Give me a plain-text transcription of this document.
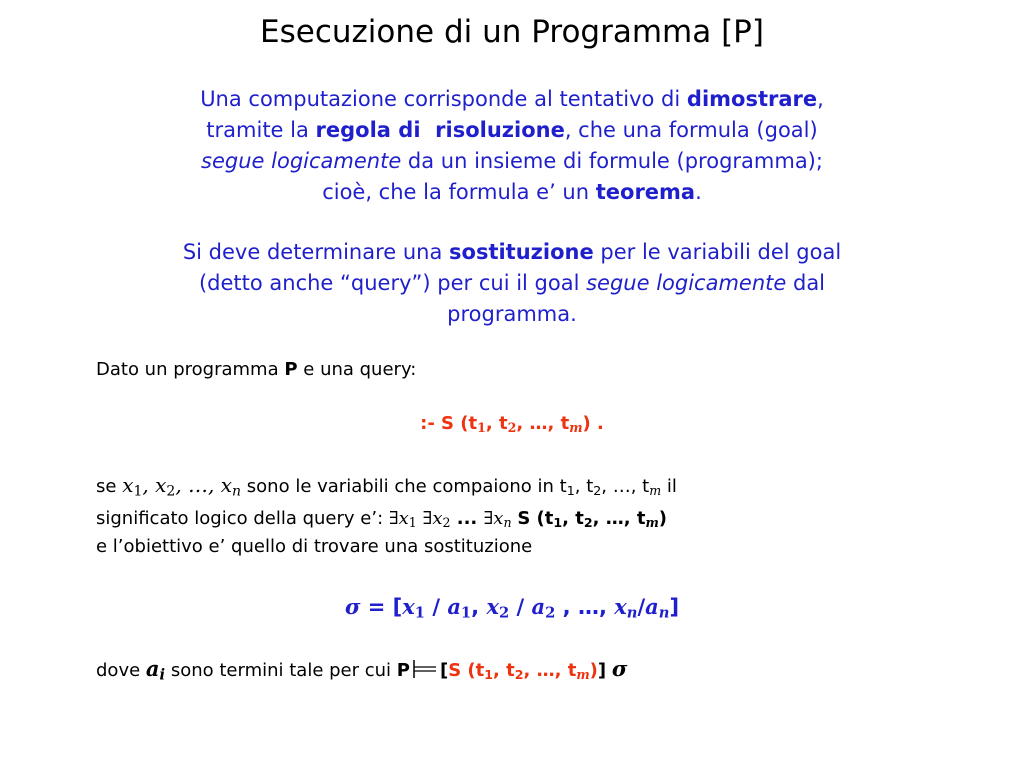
Esecuzione di un Programma [P]
Una computazione corrisponde al tentativo di dimostrare,
tramite la regola di  risoluzione, che una formula (goal)
segue logicamente da un insieme di formule (programma);
cioè, che la formula e’ un teorema.
Si deve determinare una sostituzione per le variabili del goal
(detto anche “query”) per cui il goal segue logicamente dal
programma.
Dato un programma P e una query:
:- S ($t_1$, $t_2$, …, $t_m$) .
se $x_1$, $x_2$, …, $x_n$ sono le variabili che compaiono in $t_1$, $t_2$, …, $t_m$ il
significato logico della query e’: $\exists x_1$ $\exists x_2$ ... $\exists x_n$ S ($t_1$, $t_2$, …, $t_m$)
e l’obiettivo e’ quello di trovare una sostituzione
$\sigma = [x_1 / a_1$, $x_2 / a_2$ , …, $x_n/a_n$]
dove $a_i$ sono termini tale per cui P [S ($t_1$, $t_2$, …, $t_m$)] σ
